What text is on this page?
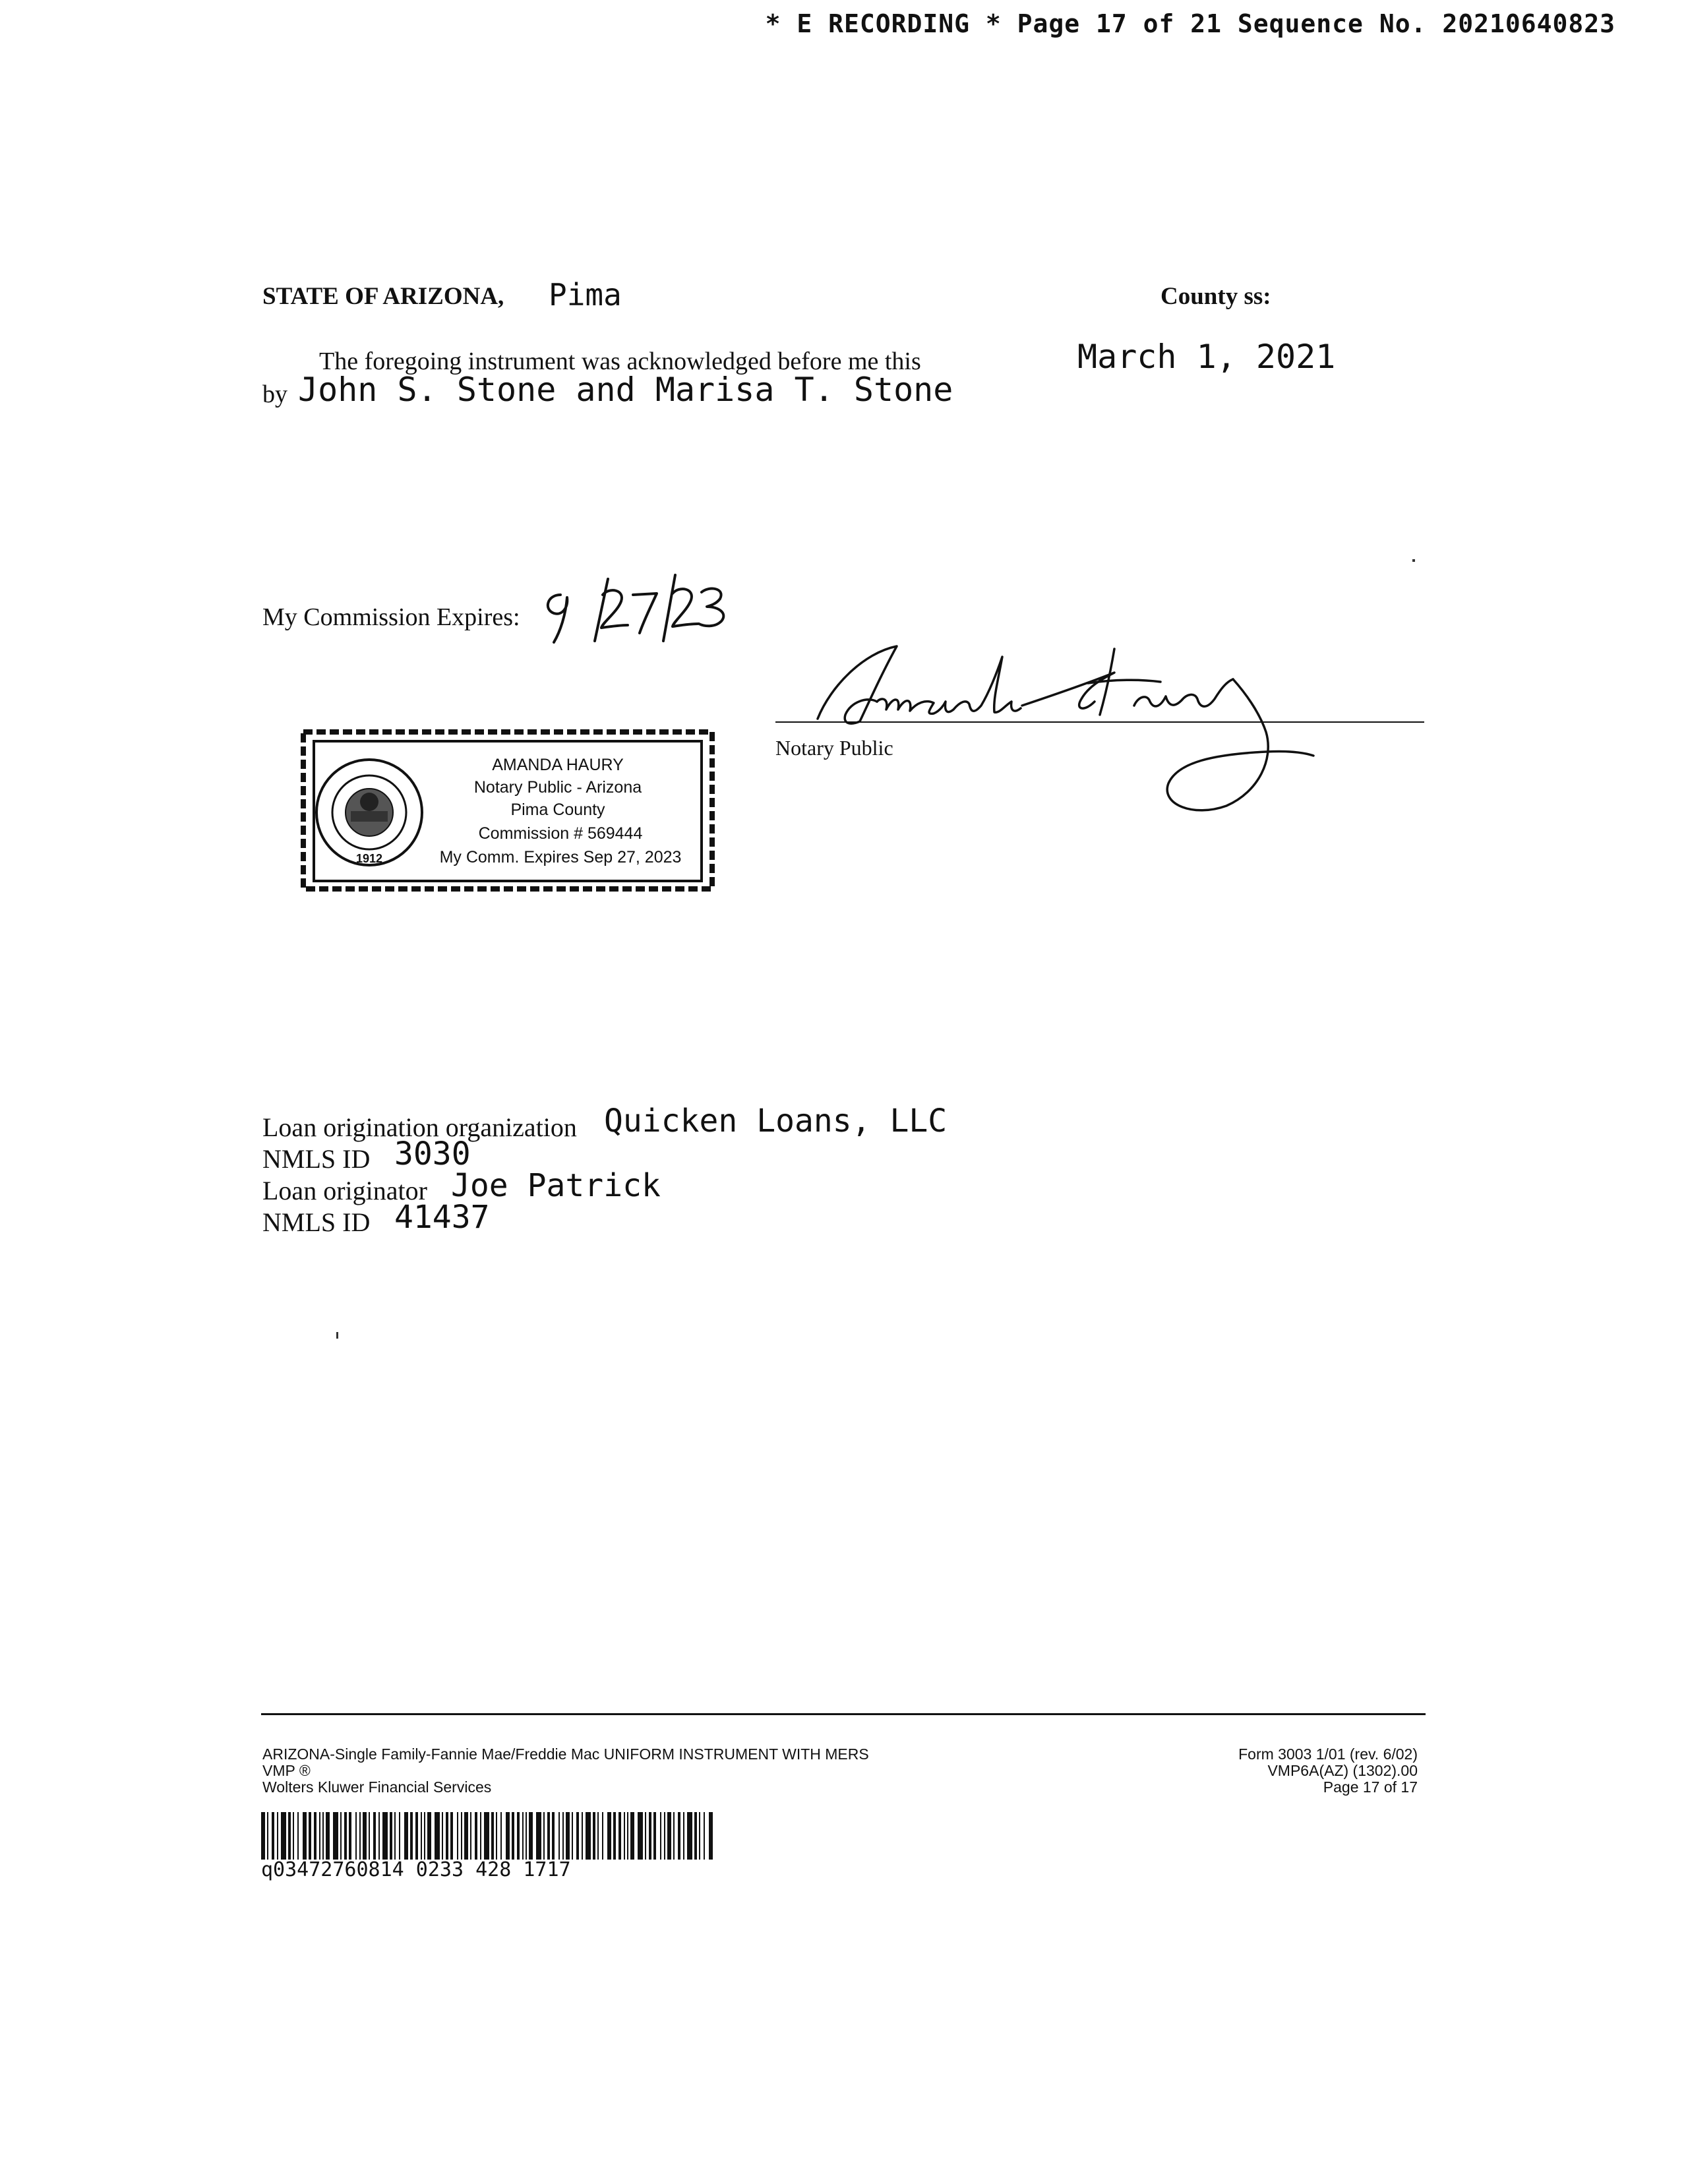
* E RECORDING * Page 17 of 21 Sequence No. 20210640823
STATE OF ARIZONA, Pima	County ss:
The foregoing instrument was acknowledged before me this	March 1, 2021
by John S. Stone and Marisa T. Stone
My Commission Expires:
Notary Public
1912
AMANDA HAURY
Notary Public - Arizona
Pima County
Commission # 569444
My Comm. Expires Sep 27, 2023
Loan origination organization Quicken Loans, LLC
NMLS ID 3030
Loan originator Joe Patrick
NMLS ID 41437
ARIZONA-Single Family-Fannie Mae/Freddie Mac UNIFORM INSTRUMENT WITH MERS
VMP ®
Wolters Kluwer Financial Services
Form 3003 1/01 (rev. 6/02)
VMP6A(AZ) (1302).00
Page 17 of 17
q03472760814 0233 428 1717
